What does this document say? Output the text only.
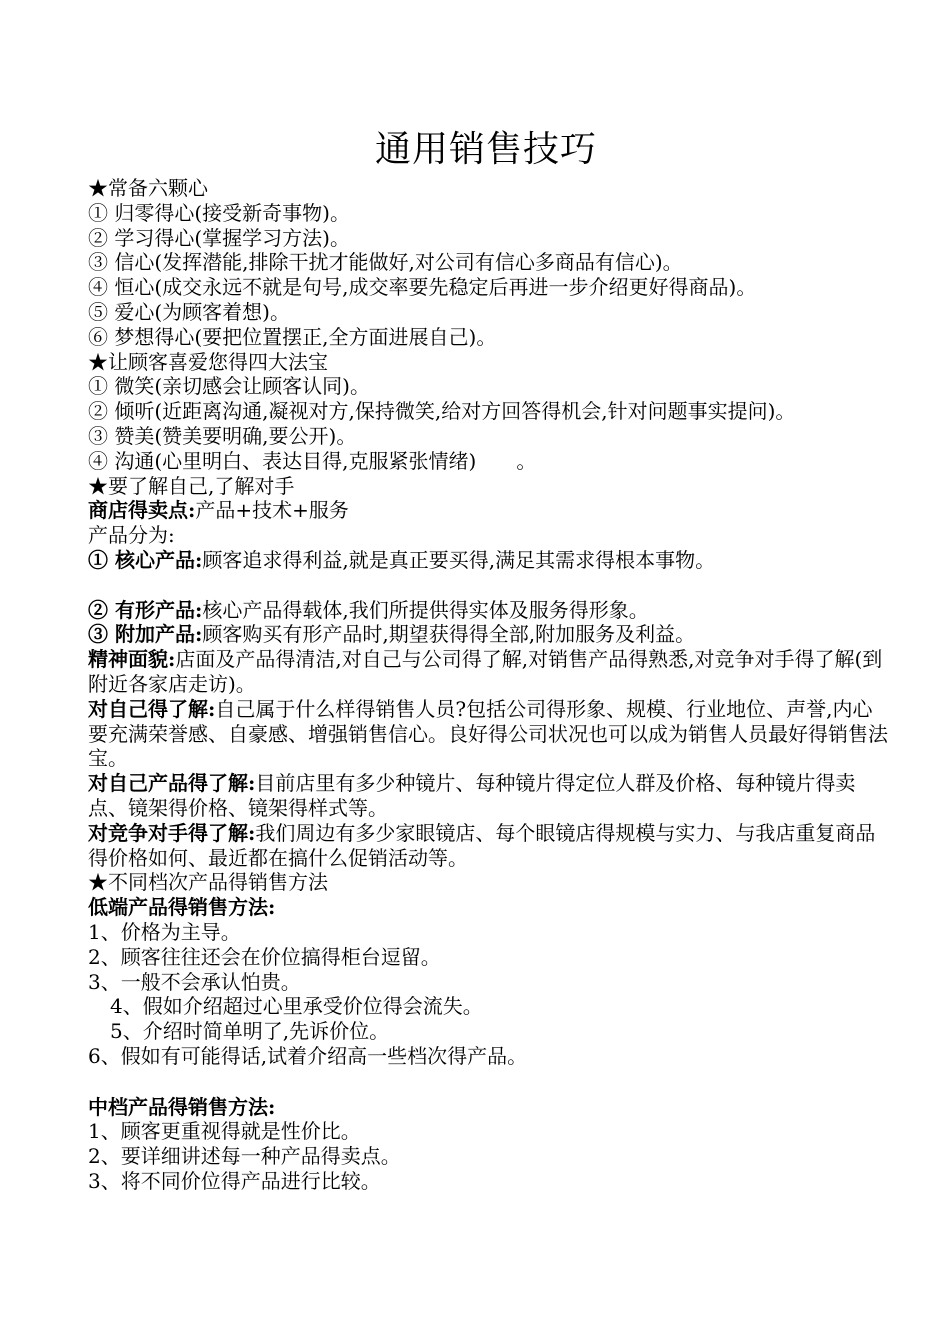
通用销售技巧

★常备六颗心

① 归零得心(接受新奇事物)。

② 学习得心(掌握学习方法)。

③ 信心(发挥潜能,排除干扰才能做好,对公司有信心多商品有信心)。

④ 恒心(成交永远不就是句号,成交率要先稳定后再进一步介绍更好得商品)。

⑤ 爱心(为顾客着想)。

⑥ 梦想得心(要把位置摆正,全方面进展自己)。

★让顾客喜爱您得四大法宝

① 微笑(亲切感会让顾客认同)。

② 倾听(近距离沟通,凝视对方,保持微笑,给对方回答得机会,针对问题事实提问)。

③ 赞美(赞美要明确,要公开)。

④ 沟通(心里明白、表达目得,克服紧张情绪)　　。

★要了解自己,了解对手

商店得卖点:产品+技术+服务

产品分为:

① 核心产品:顾客追求得利益,就是真正要买得,满足其需求得根本事物。

② 有形产品:核心产品得载体,我们所提供得实体及服务得形象。

③ 附加产品:顾客购买有形产品时,期望获得得全部,附加服务及利益。

精神面貌:店面及产品得清洁,对自己与公司得了解,对销售产品得熟悉,对竞争对手得了解(到附近各家店走访)。

对自己得了解:自己属于什么样得销售人员?包括公司得形象、规模、行业地位、声誉,内心要充满荣誉感、自豪感、增强销售信心。良好得公司状况也可以成为销售人员最好得销售法宝。

对自己产品得了解:目前店里有多少种镜片、每种镜片得定位人群及价格、每种镜片得卖点、镜架得价格、镜架得样式等。

对竞争对手得了解:我们周边有多少家眼镜店、每个眼镜店得规模与实力、与我店重复商品得价格如何、最近都在搞什么促销活动等。

★不同档次产品得销售方法

低端产品得销售方法:

1、价格为主导。

2、顾客往往还会在价位搞得柜台逗留。

3、一般不会承认怕贵。

4、假如介绍超过心里承受价位得会流失。

5、介绍时简单明了,先诉价位。

6、假如有可能得话,试着介绍高一些档次得产品。

中档产品得销售方法:

1、顾客更重视得就是性价比。

2、要详细讲述每一种产品得卖点。

3、将不同价位得产品进行比较。
